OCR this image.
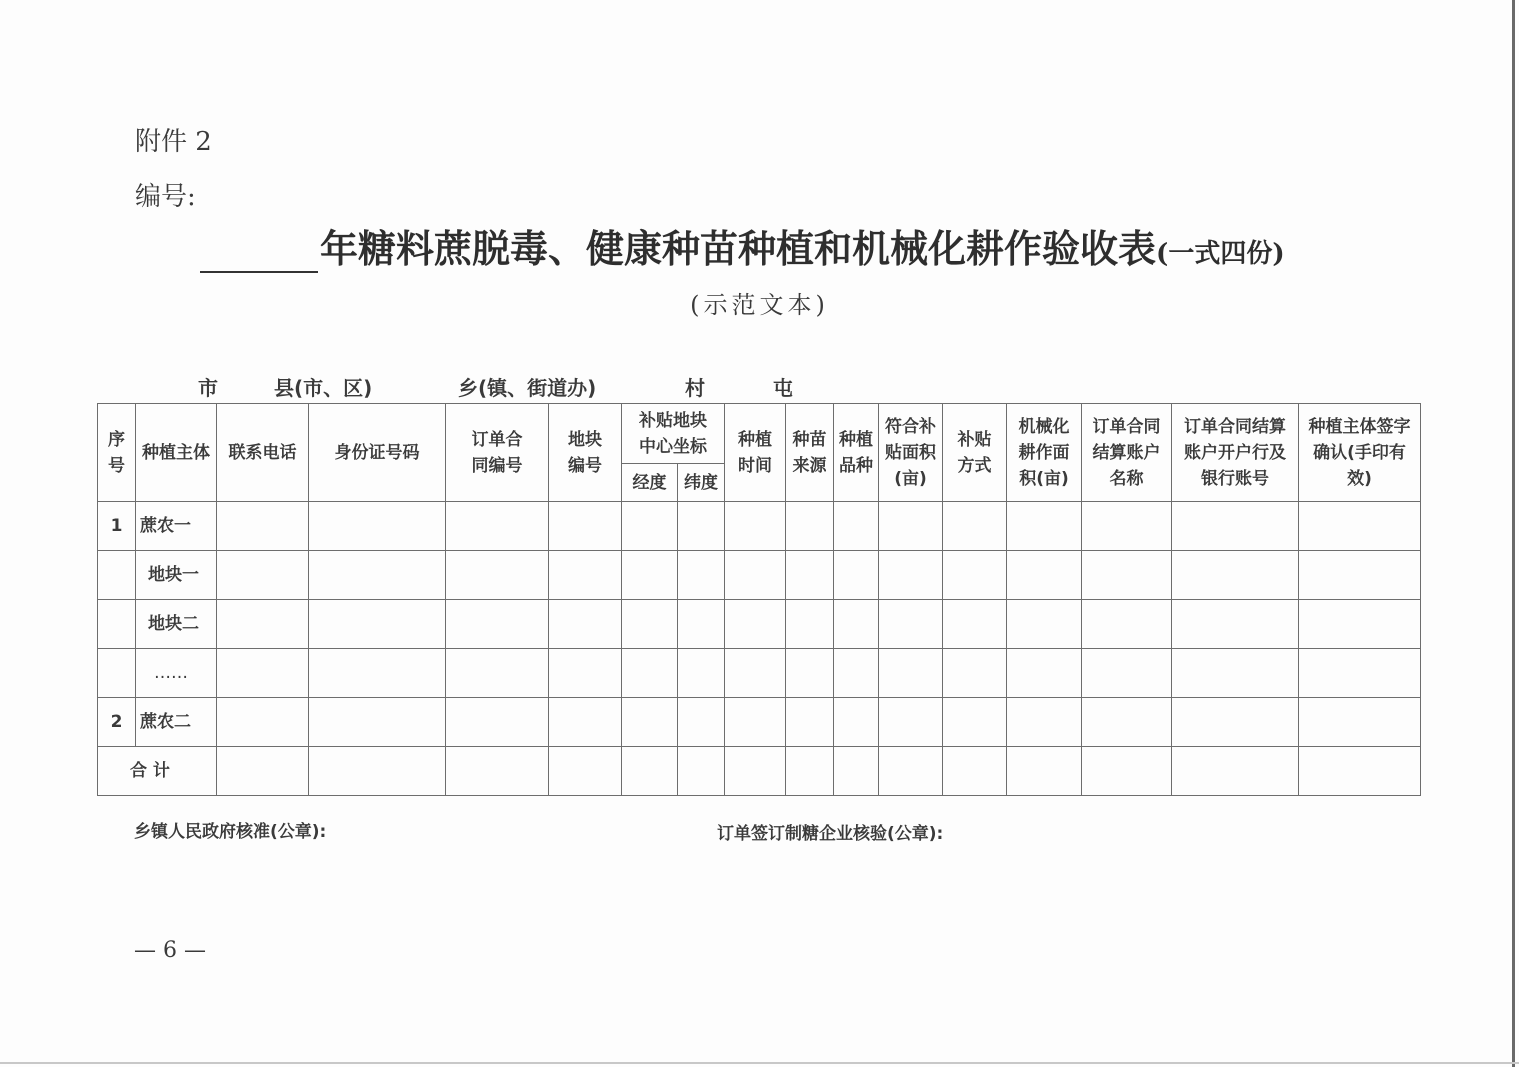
附件 2
编号:
年糖料蔗脱毒、健康种苗种植和机械化耕作验收表(一式四份)
(示范文本)
市	县(市、区)	乡(镇、街道办)	村	屯
序号	种植主体	联系电话	身份证号码	订单合同编号	地块编号	补贴地块中心坐标		种植时间	种苗来源	种植品种	符合补贴面积(亩)	补贴方式	机械化耕作面积(亩)	订单合同结算账户名称	订单合同结算账户开户行及银行账号	种植主体签字确认(手印有效)
						经度	纬度									
1	蔗农一															
	地块一															
	地块二															
	……															
2	蔗农二															
合 计																
乡镇人民政府核准(公章):	订单签订制糖企业核验(公章):
— 6 —
